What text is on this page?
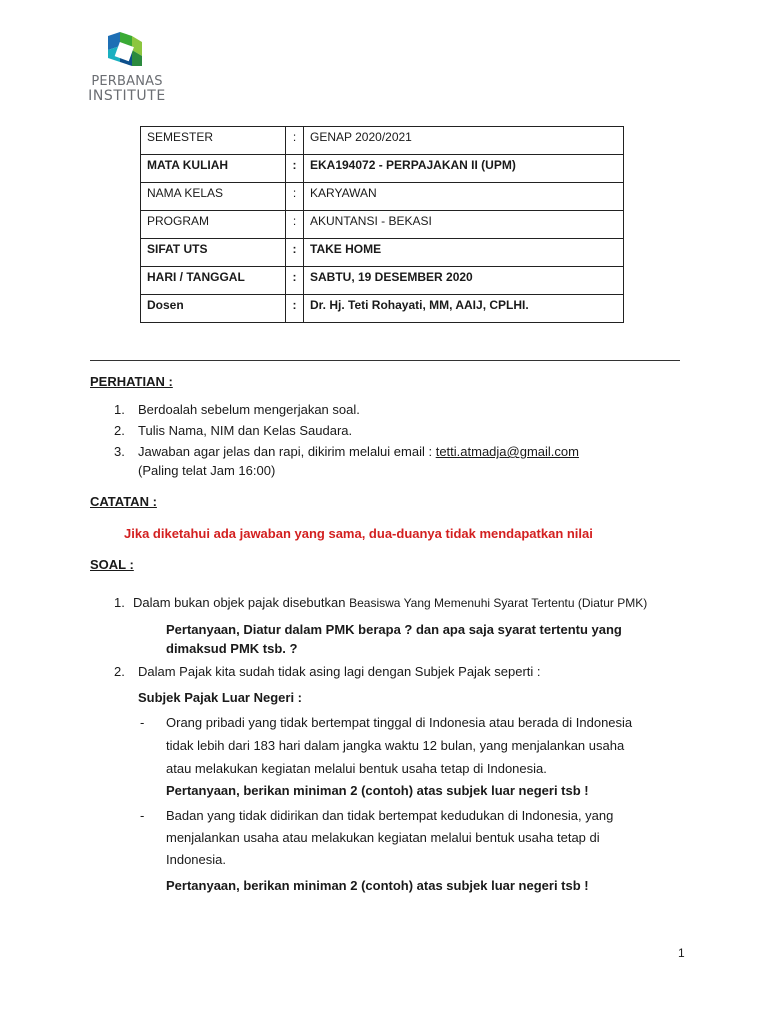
PERBANAS
INSTITUTE
SEMESTER	:	GENAP 2020/2021
MATA KULIAH	:	EKA194072 - PERPAJAKAN II (UPM)
NAMA KELAS	:	KARYAWAN
PROGRAM	:	AKUNTANSI - BEKASI
SIFAT UTS	:	TAKE HOME
HARI / TANGGAL	:	SABTU, 19 DESEMBER 2020
Dosen	:	Dr. Hj. Teti Rohayati, MM, AAIJ, CPLHI.
PERHATIAN :
1. Berdoalah sebelum mengerjakan soal.
2. Tulis Nama, NIM dan Kelas Saudara.
3. Jawaban agar jelas dan rapi, dikirim melalui email : tetti.atmadja@gmail.com
(Paling telat Jam 16:00)
CATATAN :
Jika diketahui ada jawaban yang sama, dua-duanya tidak mendapatkan nilai
SOAL :
1. Dalam bukan objek pajak disebutkan Beasiswa Yang Memenuhi Syarat Tertentu (Diatur PMK)
Pertanyaan, Diatur dalam PMK berapa ? dan apa saja syarat tertentu yang
dimaksud PMK tsb. ?
2. Dalam Pajak kita sudah tidak asing lagi dengan Subjek Pajak seperti :
Subjek Pajak Luar Negeri :
- Orang pribadi yang tidak bertempat tinggal di Indonesia atau berada di Indonesia
tidak lebih dari 183 hari dalam jangka waktu 12 bulan, yang menjalankan usaha
atau melakukan kegiatan melalui bentuk usaha tetap di Indonesia.
Pertanyaan, berikan miniman 2 (contoh) atas subjek luar negeri tsb !
- Badan yang tidak didirikan dan tidak bertempat kedudukan di Indonesia, yang
menjalankan usaha atau melakukan kegiatan melalui bentuk usaha tetap di
Indonesia.
Pertanyaan, berikan miniman 2 (contoh) atas subjek luar negeri tsb !
1
